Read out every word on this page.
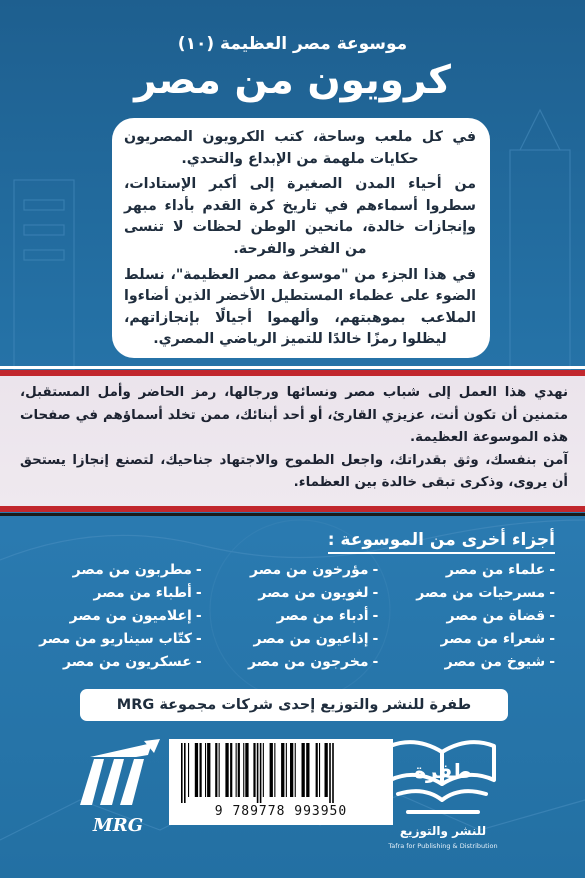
موسوعة مصر العظيمة (١٠)
كرويون من مصر

في كل ملعب وساحة، كتب الكرويون المصريون حكايات ملهمة من الإبداع والتحدي.

من أحياء المدن الصغيرة إلى أكبر الإستادات، سطروا أسماءهم في تاريخ كرة القدم بأداء مبهر وإنجازات خالدة، مانحين الوطن لحظات لا تنسى من الفخر والفرحة.

في هذا الجزء من "موسوعة مصر العظيمة"، نسلط الضوء على عظماء المستطيل الأخضر الذين أضاءوا الملاعب بموهبتهم، وألهموا أجيالًا بإنجازاتهم، ليظلوا رمزًا خالدًا للتميز الرياضي المصري.

نهدي هذا العمل إلى شباب مصر ونسائها ورجالها، رمز الحاضر وأمل المستقبل، متمنين أن تكون أنت، عزيزي القارئ، أو أحد أبنائك، ممن تخلد أسماؤهم في صفحات هذه الموسوعة العظيمة.

آمن بنفسك، وثق بقدراتك، واجعل الطموح والاجتهاد جناحيك، لتصنع إنجازا يستحق أن يروى، وذكرى تبقى خالدة بين العظماء.

أجزاء أخرى من الموسوعة :
-
علماء من مصر
-
مؤرخون من مصر
-
مطربون من مصر
-
مسرحيات من مصر
-
لغويون من مصر
-
أطباء من مصر
-
قضاة من مصر
-
أدباء من مصر
-
إعلاميون من مصر
-
شعراء من مصر
-
إذاعيون من مصر
-
كتّاب سيناريو من مصر
-
شيوخ من مصر
-
مخرجون من مصر
-
عسكريون من مصر
طفرة للنشر والتوزيع إحدى شركات مجموعة MRG
MRG
9 789778 993950
طفرة
للنشر والتوزيع
Tafra for Publishing & Distribution
